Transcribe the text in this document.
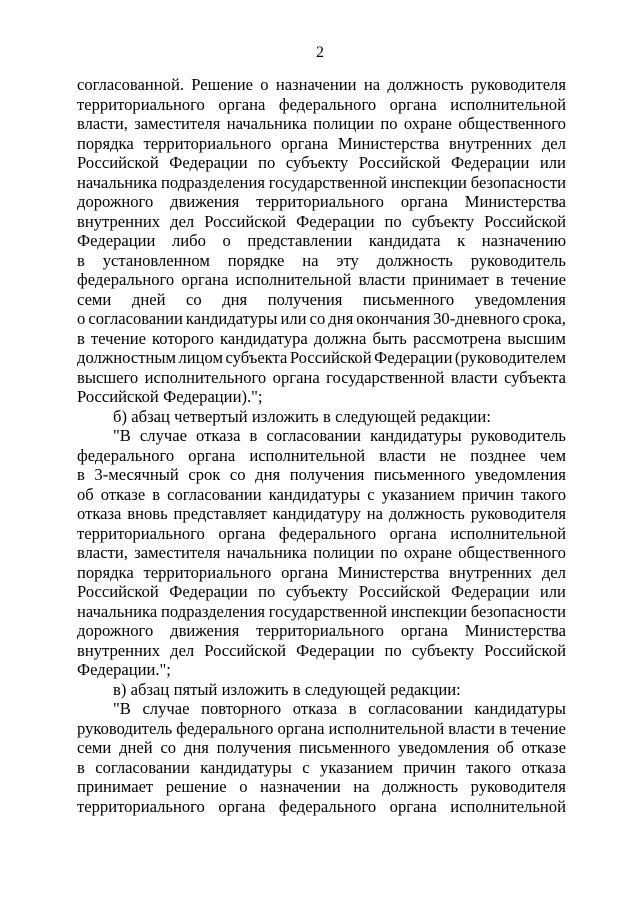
2
согласованной. Решение о назначении на должность руководителя
территориального органа федерального органа исполнительной
власти, заместителя начальника полиции по охране общественного
порядка территориального органа Министерства внутренних дел
Российской Федерации по субъекту Российской Федерации или
начальника подразделения государственной инспекции безопасности
дорожного движения территориального органа Министерства
внутренних дел Российской Федерации по субъекту Российской
Федерации либо о представлении кандидата к назначению
в установленном порядке на эту должность руководитель
федерального органа исполнительной власти принимает в течение
семи дней со дня получения письменного уведомления
о согласовании кандидатуры или со дня окончания 30-дневного срока,
в течение которого кандидатура должна быть рассмотрена высшим
должностным лицом субъекта Российской Федерации (руководителем
высшего исполнительного органа государственной власти субъекта
Российской Федерации).";
б) абзац четвертый изложить в следующей редакции:
"В случае отказа в согласовании кандидатуры руководитель
федерального органа исполнительной власти не позднее чем
в 3-месячный срок со дня получения письменного уведомления
об отказе в согласовании кандидатуры с указанием причин такого
отказа вновь представляет кандидатуру на должность руководителя
территориального органа федерального органа исполнительной
власти, заместителя начальника полиции по охране общественного
порядка территориального органа Министерства внутренних дел
Российской Федерации по субъекту Российской Федерации или
начальника подразделения государственной инспекции безопасности
дорожного движения территориального органа Министерства
внутренних дел Российской Федерации по субъекту Российской
Федерации.";
в) абзац пятый изложить в следующей редакции:
"В случае повторного отказа в согласовании кандидатуры
руководитель федерального органа исполнительной власти в течение
семи дней со дня получения письменного уведомления об отказе
в согласовании кандидатуры с указанием причин такого отказа
принимает решение о назначении на должность руководителя
территориального органа федерального органа исполнительной
